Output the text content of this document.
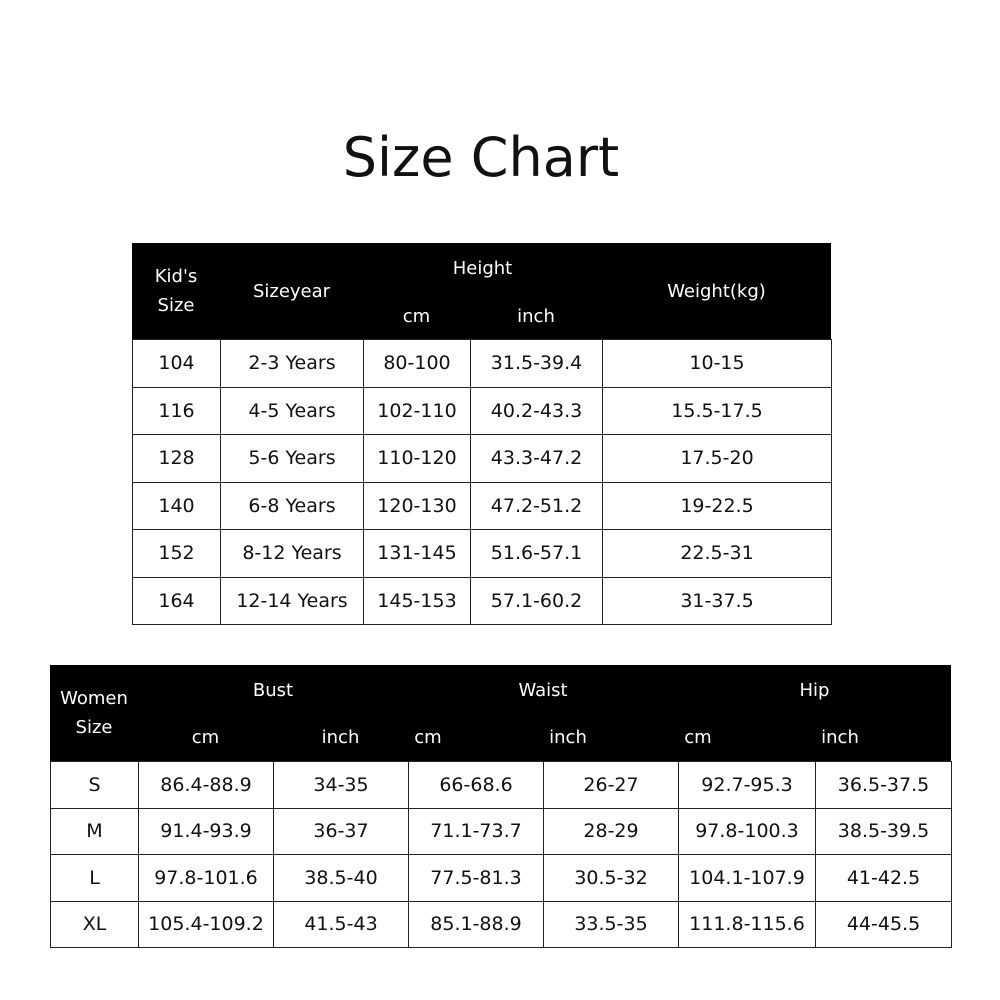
Size Chart
Kid's
Size
Sizeyear
Height
cm	inch
Weight(kg)
104	2-3 Years	80-100	31.5-39.4	10-15
116	4-5 Years	102-110	40.2-43.3	15.5-17.5
128	5-6 Years	110-120	43.3-47.2	17.5-20
140	6-8 Years	120-130	47.2-51.2	19-22.5
152	8-12 Years	131-145	51.6-57.1	22.5-31
164	12-14 Years	145-153	57.1-60.2	31-37.5
Women
Size
Bust	Waist	Hip
cm	inch	cm	inch	cm	inch
S	86.4-88.9	34-35	66-68.6	26-27	92.7-95.3	36.5-37.5
M	91.4-93.9	36-37	71.1-73.7	28-29	97.8-100.3	38.5-39.5
L	97.8-101.6	38.5-40	77.5-81.3	30.5-32	104.1-107.9	41-42.5
XL	105.4-109.2	41.5-43	85.1-88.9	33.5-35	111.8-115.6	44-45.5
